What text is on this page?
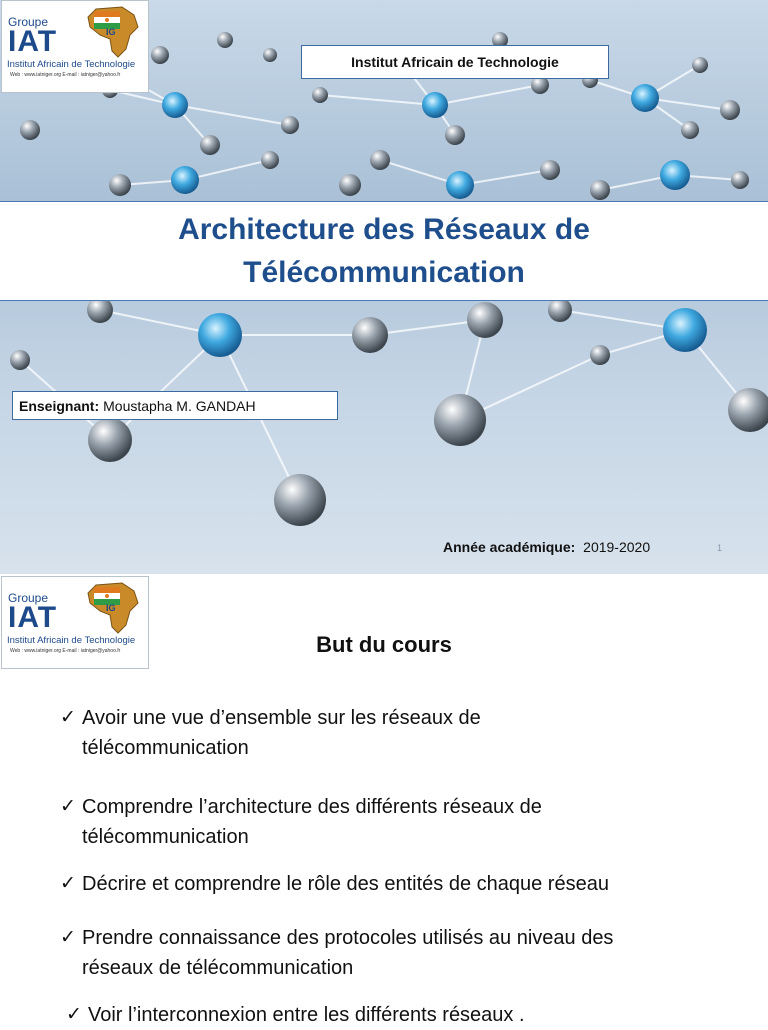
IG
Groupe
IAT
Institut Africain de Technologie
Web : www.iatniger.org E-mail : iatniger@yahoo.fr
Institut Africain de Technologie
Architecture des Réseaux de
Télécommunication
Enseignant: Moustapha M. GANDAH
Année académique: 2019-2020	1
IG
Groupe
IAT
Institut Africain de Technologie
Web : www.iatniger.org E-mail : iatniger@yahoo.fr	But du cours
✓ Avoir une vue d’ensemble sur les réseaux de
télécommunication
✓ Comprendre l’architecture des différents réseaux de
télécommunication
✓ Décrire et comprendre le rôle des entités de chaque réseau
✓ Prendre connaissance des protocoles utilisés au niveau des
réseaux de télécommunication
✓ Voir l’interconnexion entre les différents réseaux .
